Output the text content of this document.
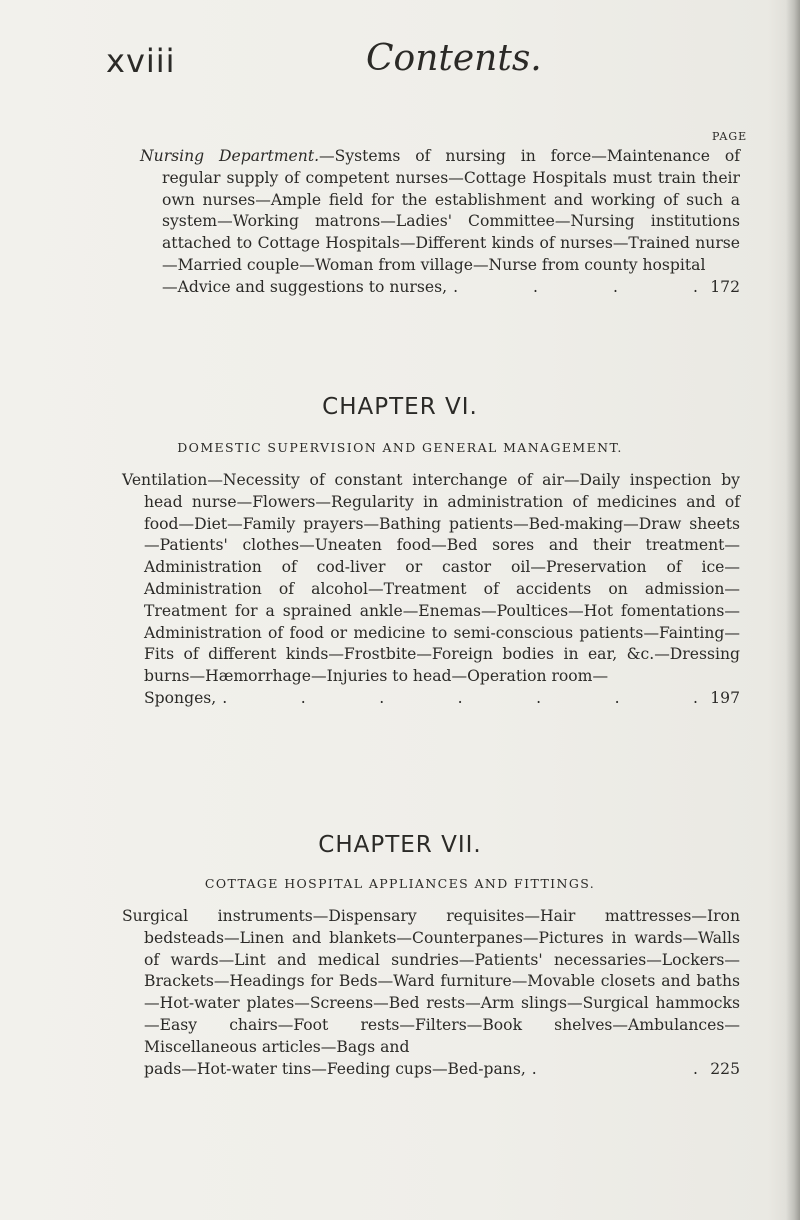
xviii	Contents.
PAGE

Nursing Department.—Systems of nursing in force—Maintenance of regular supply of competent nurses—Cottage Hospitals must train their own nurses—Ample field for the establishment and working of such a system—Working matrons—Ladies' Committee—Nursing institutions attached to Cottage Hospitals—Different kinds of nurses—Trained nurse—Married couple—Woman from village—Nurse from county hospital

—Advice and suggestions to nurses, . . . . 172
CHAPTER VI.
DOMESTIC SUPERVISION AND GENERAL MANAGEMENT.

Ventilation—Necessity of constant interchange of air—Daily inspection by head nurse—Flowers—Regularity in administration of medicines and of food—Diet—Family prayers—Bathing patients—Bed-making—Draw sheets—Patients' clothes—Uneaten food—Bed sores and their treatment—Administration of cod-liver or castor oil—Preservation of ice—Administration of alcohol—Treatment of accidents on admission—Treatment for a sprained ankle—Enemas—Poultices—Hot fomentations—Administration of food or medicine to semi-conscious patients—Fainting—Fits of different kinds—Frostbite—Foreign bodies in ear, &c.—Dressing burns—Hæmorrhage—Injuries to head—Operation room—

Sponges, . . . . . . . 197
CHAPTER VII.
COTTAGE HOSPITAL APPLIANCES AND FITTINGS.

Surgical instruments—Dispensary requisites—Hair mattresses—Iron bedsteads—Linen and blankets—Counterpanes—Pictures in wards—Walls of wards—Lint and medical sundries—Patients' necessaries—Lockers—Brackets—Headings for Beds—Ward furniture—Movable closets and baths—Hot-water plates—Screens—Bed rests—Arm slings—Surgical hammocks—Easy chairs—Foot rests—Filters—Book shelves—Ambulances—Miscellaneous articles—Bags and

pads—Hot-water tins—Feeding cups—Bed-pans, . . 225
